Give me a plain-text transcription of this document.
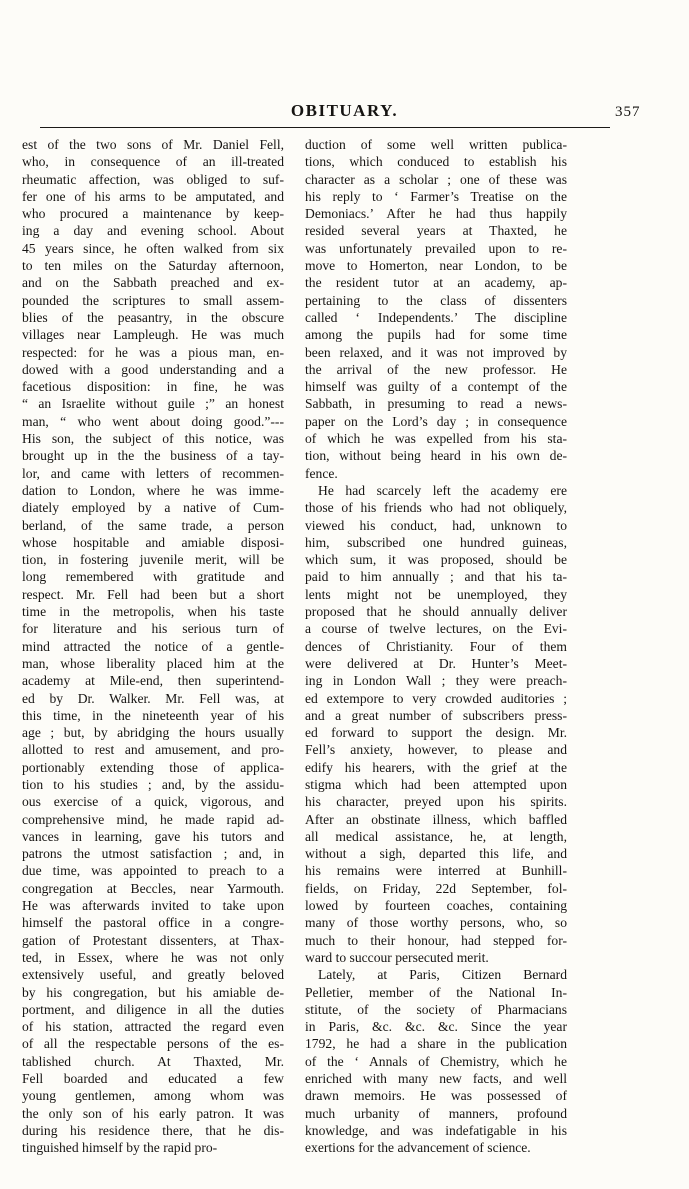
OBITUARY.	357
est of the two sons of Mr. Daniel Fell,
who, in consequence of an ill-treated
rheumatic affection, was obliged to suf-
fer one of his arms to be amputated, and
who procured a maintenance by keep-
ing a day and evening school. About
45 years since, he often walked from six
to ten miles on the Saturday afternoon,
and on the Sabbath preached and ex-
pounded the scriptures to small assem-
blies of the peasantry, in the obscure
villages near Lampleugh. He was much
respected: for he was a pious man, en-
dowed with a good understanding and a
facetious disposition: in fine, he was
“ an Israelite without guile ;” an honest
man, “ who went about doing good.”---
His son, the subject of this notice, was
brought up in the the business of a tay-
lor, and came with letters of recommen-
dation to London, where he was imme-
diately employed by a native of Cum-
berland, of the same trade, a person
whose hospitable and amiable disposi-
tion, in fostering juvenile merit, will be
long remembered with gratitude and
respect. Mr. Fell had been but a short
time in the metropolis, when his taste
for literature and his serious turn of
mind attracted the notice of a gentle-
man, whose liberality placed him at the
academy at Mile-end, then superintend-
ed by Dr. Walker. Mr. Fell was, at
this time, in the nineteenth year of his
age ; but, by abridging the hours usually
allotted to rest and amusement, and pro-
portionably extending those of applica-
tion to his studies ; and, by the assidu-
ous exercise of a quick, vigorous, and
comprehensive mind, he made rapid ad-
vances in learning, gave his tutors and
patrons the utmost satisfaction ; and, in
due time, was appointed to preach to a
congregation at Beccles, near Yarmouth.
He was afterwards invited to take upon
himself the pastoral office in a congre-
gation of Protestant dissenters, at Thax-
ted, in Essex, where he was not only
extensively useful, and greatly beloved
by his congregation, but his amiable de-
portment, and diligence in all the duties
of his station, attracted the regard even
of all the respectable persons of the es-
tablished church. At Thaxted, Mr.
Fell boarded and educated a few
young gentlemen, among whom was
the only son of his early patron. It was
during his residence there, that he dis-
tinguished himself by the rapid pro-
duction of some well written publica-
tions, which conduced to establish his
character as a scholar ; one of these was
his reply to ‘ Farmer’s Treatise on the
Demoniacs.’ After he had thus happily
resided several years at Thaxted, he
was unfortunately prevailed upon to re-
move to Homerton, near London, to be
the resident tutor at an academy, ap-
pertaining to the class of dissenters
called ‘ Independents.’ The discipline
among the pupils had for some time
been relaxed, and it was not improved by
the arrival of the new professor. He
himself was guilty of a contempt of the
Sabbath, in presuming to read a news-
paper on the Lord’s day ; in consequence
of which he was expelled from his sta-
tion, without being heard in his own de-
fence.
He had scarcely left the academy ere
those of his friends who had not obliquely,
viewed his conduct, had, unknown to
him, subscribed one hundred guineas,
which sum, it was proposed, should be
paid to him annually ; and that his ta-
lents might not be unemployed, they
proposed that he should annually deliver
a course of twelve lectures, on the Evi-
dences of Christianity. Four of them
were delivered at Dr. Hunter’s Meet-
ing in London Wall ; they were preach-
ed extempore to very crowded auditories ;
and a great number of subscribers press-
ed forward to support the design. Mr.
Fell’s anxiety, however, to please and
edify his hearers, with the grief at the
stigma which had been attempted upon
his character, preyed upon his spirits.
After an obstinate illness, which baffled
all medical assistance, he, at length,
without a sigh, departed this life, and
his remains were interred at Bunhill-
fields, on Friday, 22d September, fol-
lowed by fourteen coaches, containing
many of those worthy persons, who, so
much to their honour, had stepped for-
ward to succour persecuted merit.
Lately, at Paris, Citizen Bernard
Pelletier, member of the National In-
stitute, of the society of Pharmacians
in Paris, &c. &c. &c. Since the year
1792, he had a share in the publication
of the ‘ Annals of Chemistry, which he
enriched with many new facts, and well
drawn memoirs. He was possessed of
much urbanity of manners, profound
knowledge, and was indefatigable in his
exertions for the advancement of science.
